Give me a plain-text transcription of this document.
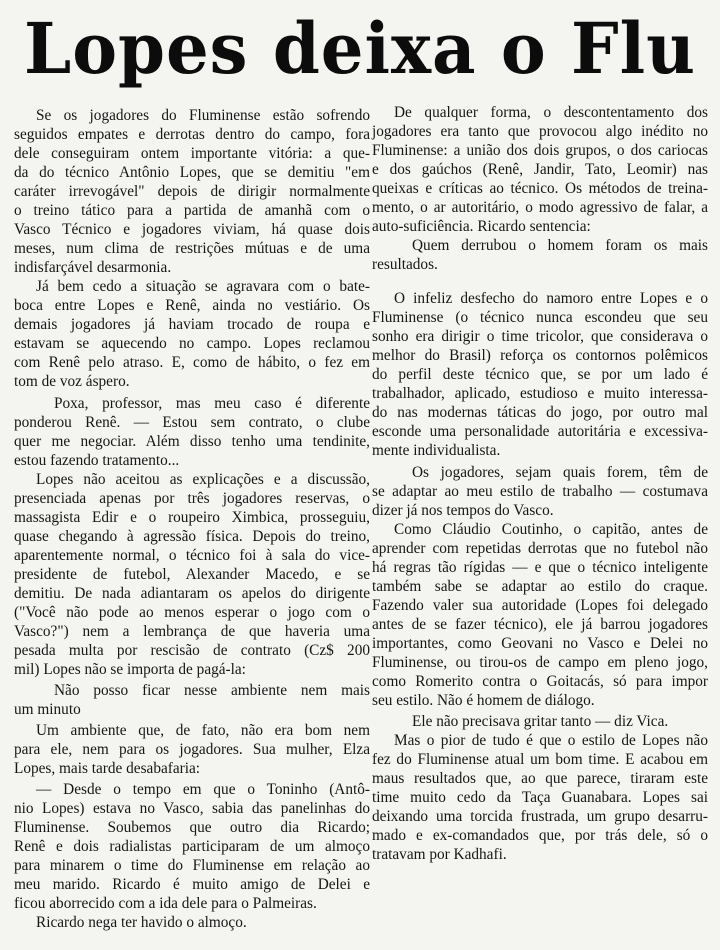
Lopes deixa o Flu
Se os jogadores do Fluminense estão sofrendo
seguidos empates e derrotas dentro do campo, fora
dele conseguiram ontem importante vitória: a que-
da do técnico Antônio Lopes, que se demitiu "em
caráter irrevogável" depois de dirigir normalmente
o treino tático para a partida de amanhã com o
Vasco Técnico e jogadores viviam, há quase dois
meses, num clima de restrições mútuas e de uma
indisfarçável desarmonia.
Já bem cedo a situação se agravara com o bate-
boca entre Lopes e Renê, ainda no vestiário. Os
demais jogadores já haviam trocado de roupa e
estavam se aquecendo no campo. Lopes reclamou
com Renê pelo atraso. E, como de hábito, o fez em
tom de voz áspero.
Poxa, professor, mas meu caso é diferente
ponderou Renê. — Estou sem contrato, o clube
quer me negociar. Além disso tenho uma tendinite,
estou fazendo tratamento...
Lopes não aceitou as explicações e a discussão,
presenciada apenas por três jogadores reservas, o
massagista Edir e o roupeiro Ximbica, prosseguiu,
quase chegando à agressão física. Depois do treino,
aparentemente normal, o técnico foi à sala do vice-
presidente de futebol, Alexander Macedo, e se
demitiu. De nada adiantaram os apelos do dirigente
("Você não pode ao menos esperar o jogo com o
Vasco?") nem a lembrança de que haveria uma
pesada multa por rescisão de contrato (Cz$ 200
mil) Lopes não se importa de pagá-la:
Não posso ficar nesse ambiente nem mais
um minuto
Um ambiente que, de fato, não era bom nem
para ele, nem para os jogadores. Sua mulher, Elza
Lopes, mais tarde desabafaria:
— Desde o tempo em que o Toninho (Antô-
nio Lopes) estava no Vasco, sabia das panelinhas do
Fluminense. Soubemos que outro dia Ricardo;
Renê e dois radialistas participaram de um almoço
para minarem o time do Fluminense em relação ao
meu marido. Ricardo é muito amigo de Delei e
ficou aborrecido com a ida dele para o Palmeiras.
Ricardo nega ter havido o almoço.
De qualquer forma, o descontentamento dos
jogadores era tanto que provocou algo inédito no
Fluminense: a união dos dois grupos, o dos cariocas
e dos gaúchos (Renê, Jandir, Tato, Leomir) nas
queixas e críticas ao técnico. Os métodos de treina-
mento, o ar autoritário, o modo agressivo de falar, a
auto-suficiência. Ricardo sentencia:
Quem derrubou o homem foram os mais
resultados.
O infeliz desfecho do namoro entre Lopes e o
Fluminense (o técnico nunca escondeu que seu
sonho era dirigir o time tricolor, que considerava o
melhor do Brasil) reforça os contornos polêmicos
do perfil deste técnico que, se por um lado é
trabalhador, aplicado, estudioso e muito interessa-
do nas modernas táticas do jogo, por outro mal
esconde uma personalidade autoritária e excessiva-
mente individualista.
Os jogadores, sejam quais forem, têm de
se adaptar ao meu estilo de trabalho — costumava
dizer já nos tempos do Vasco.
Como Cláudio Coutinho, o capitão, antes de
aprender com repetidas derrotas que no futebol não
há regras tão rígidas — e que o técnico inteligente
também sabe se adaptar ao estilo do craque.
Fazendo valer sua autoridade (Lopes foi delegado
antes de se fazer técnico), ele já barrou jogadores
importantes, como Geovani no Vasco e Delei no
Fluminense, ou tirou-os de campo em pleno jogo,
como Romerito contra o Goitacás, só para impor
seu estilo. Não é homem de diálogo.
Ele não precisava gritar tanto — diz Vica.
Mas o pior de tudo é que o estilo de Lopes não
fez do Fluminense atual um bom time. E acabou em
maus resultados que, ao que parece, tiraram este
time muito cedo da Taça Guanabara. Lopes sai
deixando uma torcida frustrada, um grupo desarru-
mado e ex-comandados que, por trás dele, só o
tratavam por Kadhafi.
